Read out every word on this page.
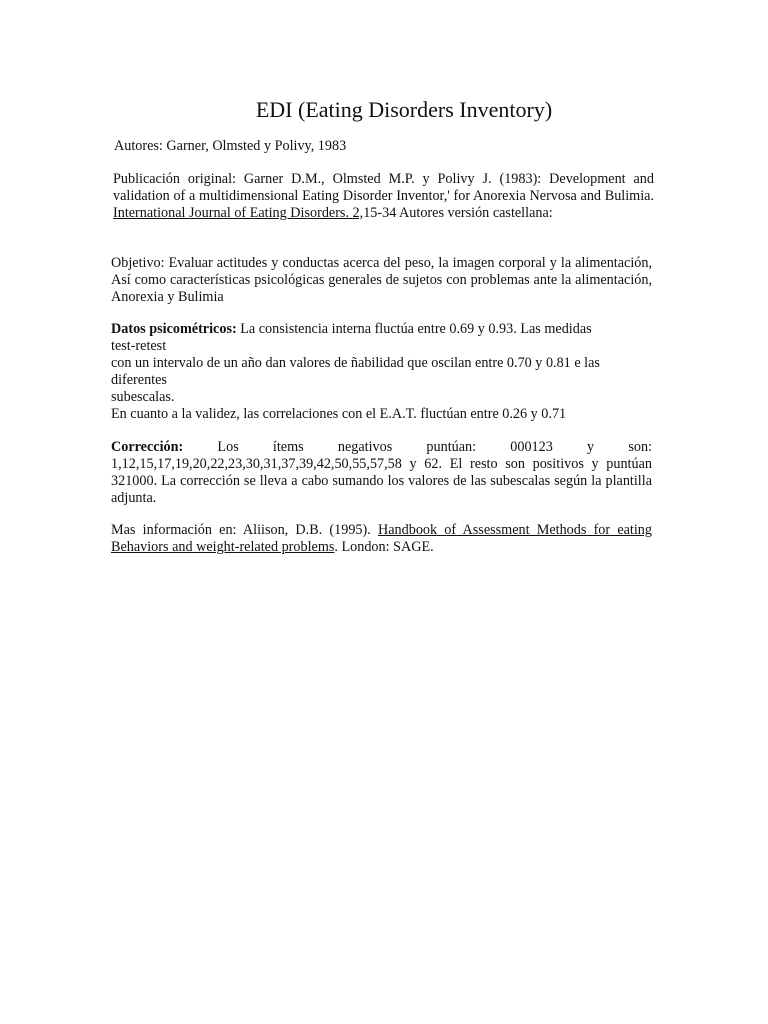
EDI (Eating Disorders Inventory)
Autores: Garner, Olmsted y Polivy, 1983
Publicación original: Garner D.M., Olmsted M.P. y Polivy J. (1983): Development and validation of a multidimensional Eating Disorder Inventor,' for Anorexia Nervosa and Bulimia. International Journal of Eating Disorders. 2,15-34 Autores versión castellana:
Objetivo: Evaluar actitudes y conductas acerca del peso, la imagen corporal y la alimentación, Así como características psicológicas generales de sujetos con problemas ante la alimentación, Anorexia y Bulimia
Datos psicométricos: La consistencia interna fluctúa entre 0.69 y 0.93. Las medidas
test-retest
con un intervalo de un año dan valores de ñabilidad que oscilan entre 0.70 y 0.81 e las
diferentes
subescalas.
En cuanto a la validez, las correlaciones con el E.A.T. fluctúan entre 0.26 y 0.71
Corrección: Los ítems negativos puntúan: 000123 y son: 1,12,15,17,19,20,22,23,30,31,37,39,42,50,55,57,58 y 62. El resto son positivos y puntúan 321000. La corrección se lleva a cabo sumando los valores de las subescalas según la plantilla adjunta.
Mas información en: Aliison, D.B. (1995). Handbook of Assessment Methods for eating Behaviors and weight-related problems. London: SAGE.
